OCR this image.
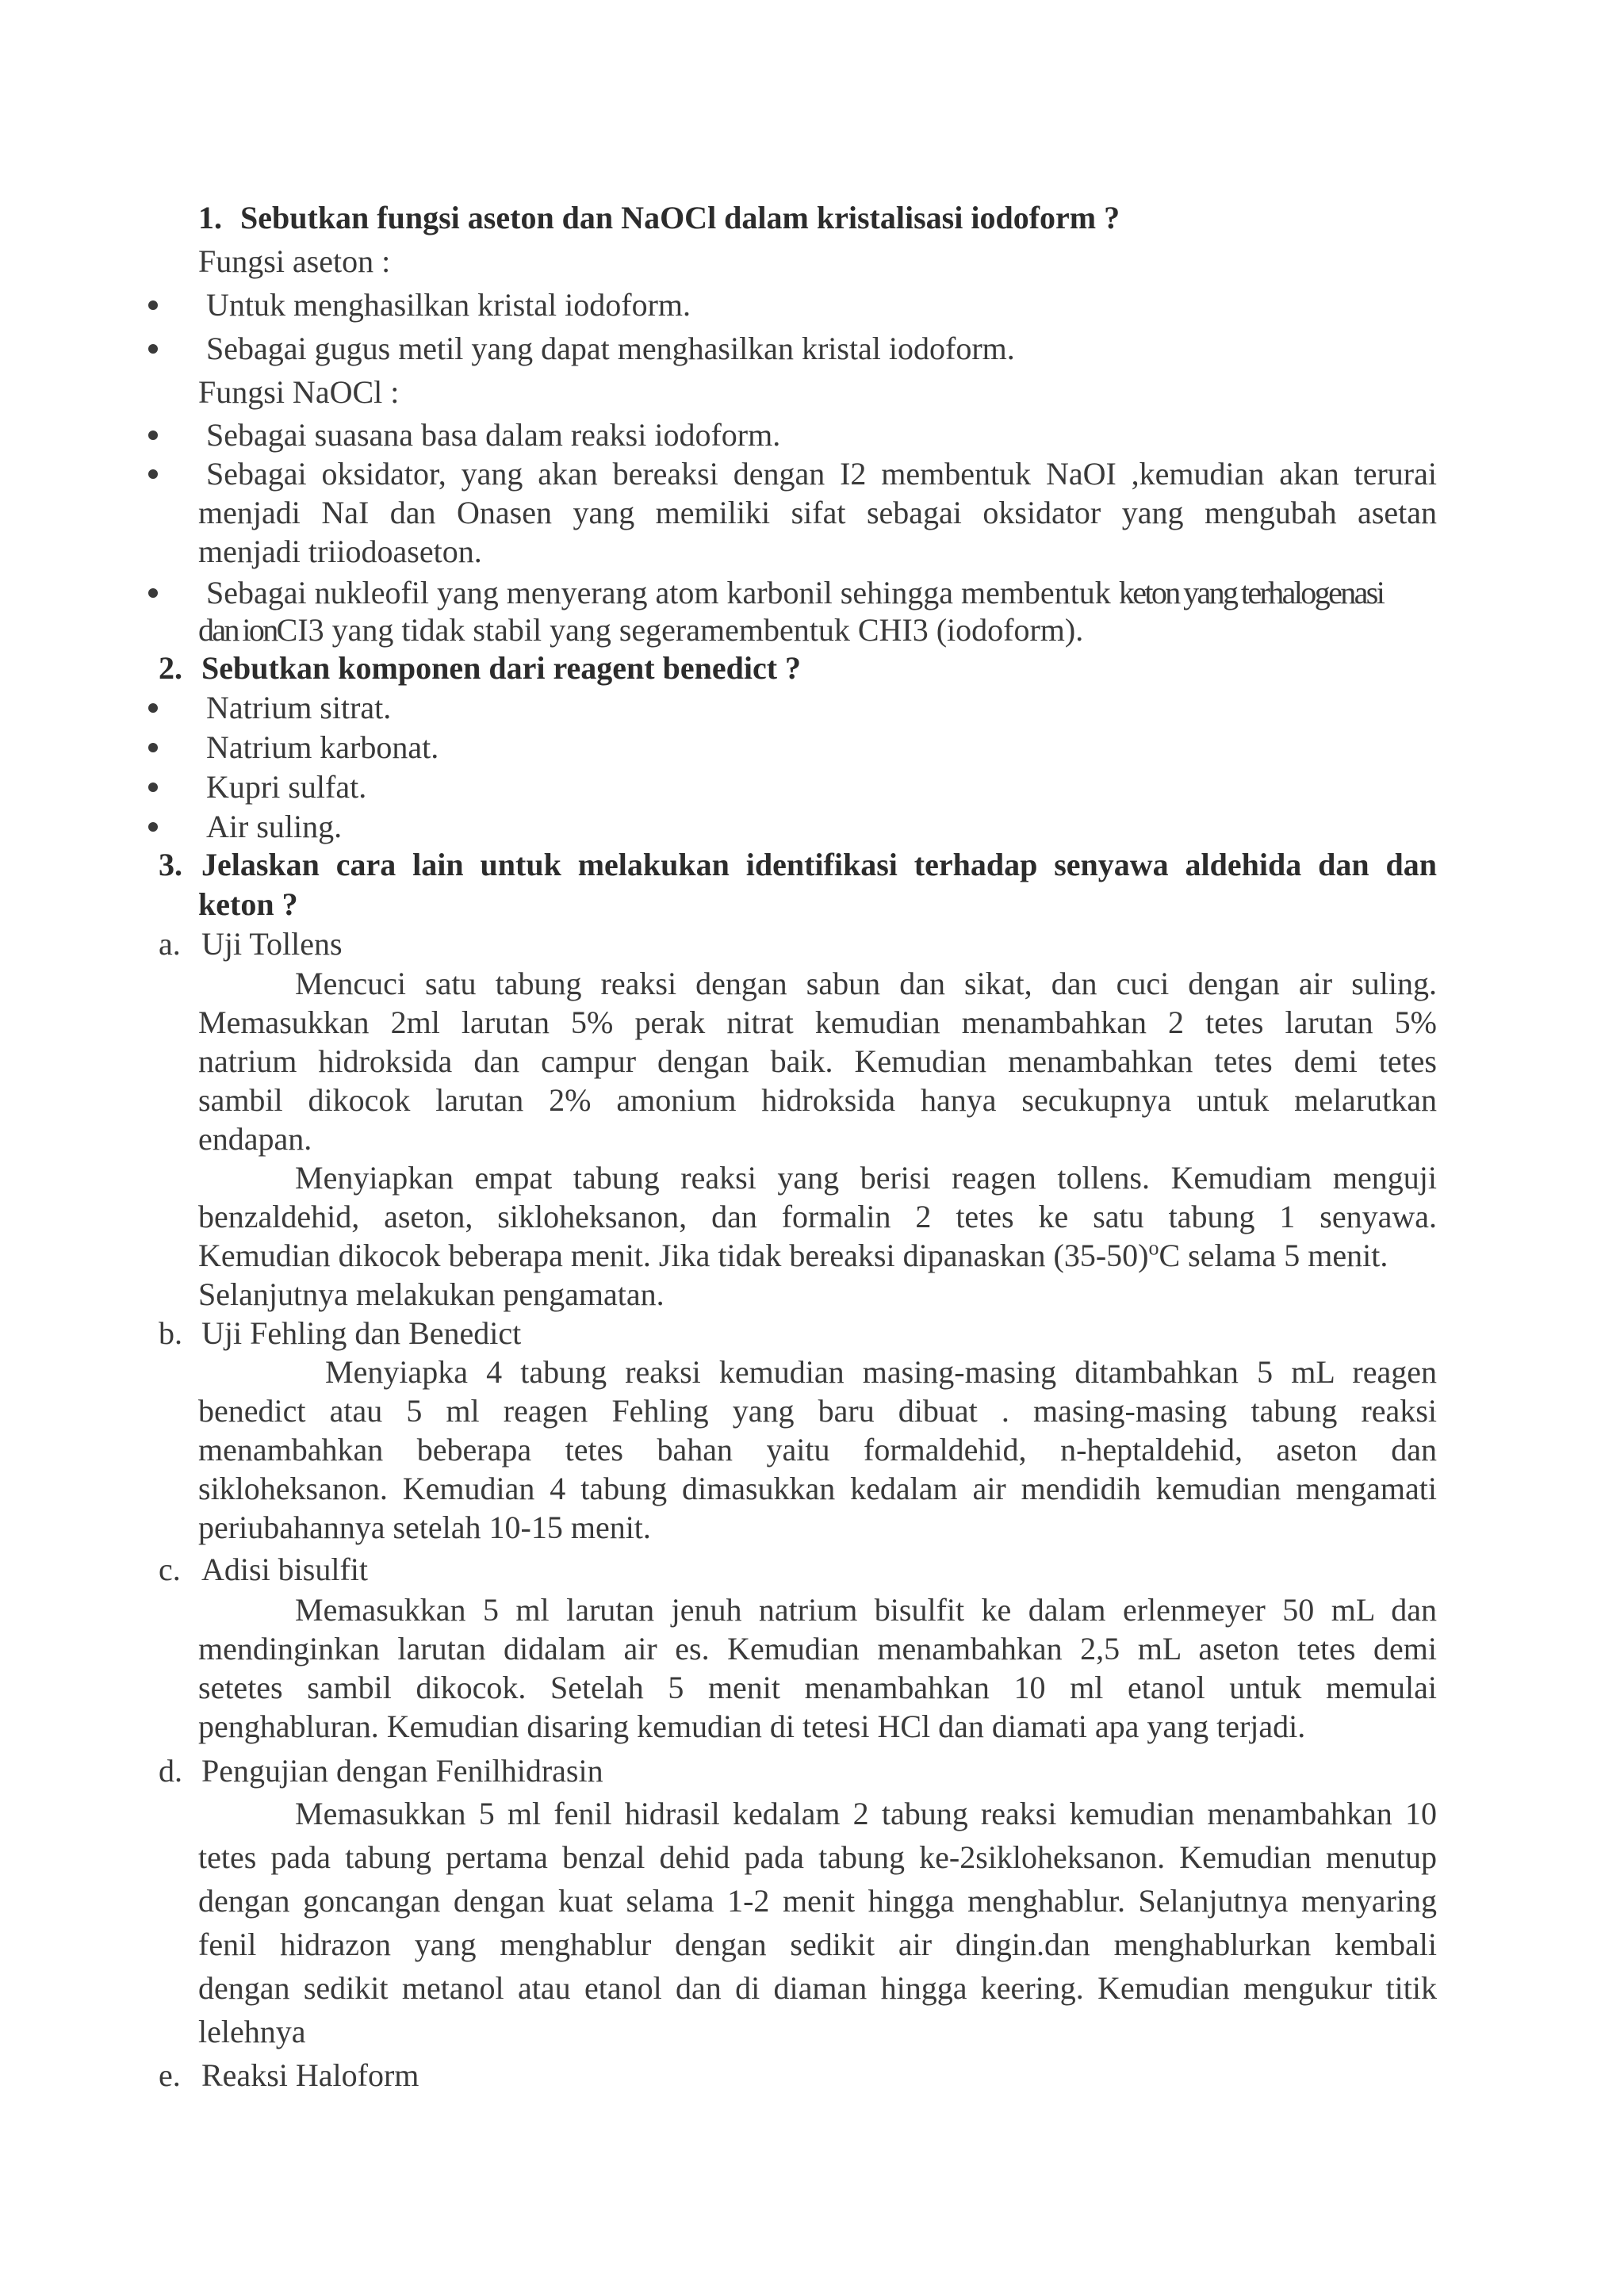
1. Sebutkan fungsi aseton dan NaOCl dalam kristalisasi iodoform ?
Fungsi aseton :
Untuk menghasilkan kristal iodoform.
Sebagai gugus metil yang dapat menghasilkan kristal iodoform.
Fungsi NaOCl :
Sebagai suasana basa dalam reaksi iodoform.
Sebagai oksidator, yang akan bereaksi dengan I2 membentuk NaOI ,kemudian akan terurai
menjadi NaI dan Onasen yang memiliki sifat sebagai oksidator yang mengubah asetan
menjadi triiodoaseton.
Sebagai nukleofil yang menyerang atom karbonil sehingga membentuk keton yang terhalogenasi
dan ionCI3 yang tidak stabil yang segeramembentuk CHI3 (iodoform).
2. Sebutkan komponen dari reagent benedict ?
Natrium sitrat.
Natrium karbonat.
Kupri sulfat.
Air suling.
3. Jelaskan cara lain untuk melakukan identifikasi terhadap senyawa aldehida dan dan
keton ?
a. Uji Tollens
Mencuci satu tabung reaksi dengan sabun dan sikat, dan cuci dengan air suling.
Memasukkan 2ml larutan 5% perak nitrat kemudian menambahkan 2 tetes larutan 5%
natrium hidroksida dan campur dengan baik. Kemudian menambahkan tetes demi tetes
sambil dikocok larutan 2% amonium hidroksida hanya secukupnya untuk melarutkan
endapan.
Menyiapkan empat tabung reaksi yang berisi reagen tollens. Kemudiam menguji
benzaldehid, aseton, sikloheksanon, dan formalin 2 tetes ke satu tabung 1 senyawa.
Kemudian dikocok beberapa menit. Jika tidak bereaksi dipanaskan $(35-50)^oC$ selama 5 menit.
Selanjutnya melakukan pengamatan.
b. Uji Fehling dan Benedict
Menyiapka 4 tabung reaksi kemudian masing-masing ditambahkan 5 mL reagen
benedict atau 5 ml reagen Fehling yang baru dibuat . masing-masing tabung reaksi
menambahkan beberapa tetes bahan yaitu formaldehid, n-heptaldehid, aseton dan
sikloheksanon. Kemudian 4 tabung dimasukkan kedalam air mendidih kemudian mengamati
periubahannya setelah 10-15 menit.
c. Adisi bisulfit
Memasukkan 5 ml larutan jenuh natrium bisulfit ke dalam erlenmeyer 50 mL dan
mendinginkan larutan didalam air es. Kemudian menambahkan 2,5 mL aseton tetes demi
setetes sambil dikocok. Setelah 5 menit menambahkan 10 ml etanol untuk memulai
penghabluran. Kemudian disaring kemudian di tetesi HCl dan diamati apa yang terjadi.
d. Pengujian dengan Fenilhidrasin
Memasukkan 5 ml fenil hidrasil kedalam 2 tabung reaksi kemudian menambahkan 10
tetes pada tabung pertama benzal dehid pada tabung ke-2sikloheksanon. Kemudian menutup
dengan goncangan dengan kuat selama 1-2 menit hingga menghablur. Selanjutnya menyaring
fenil hidrazon yang menghablur dengan sedikit air dingin.dan menghablurkan kembali
dengan sedikit metanol atau etanol dan di diaman hingga keering. Kemudian mengukur titik
lelehnya
e. Reaksi Haloform
